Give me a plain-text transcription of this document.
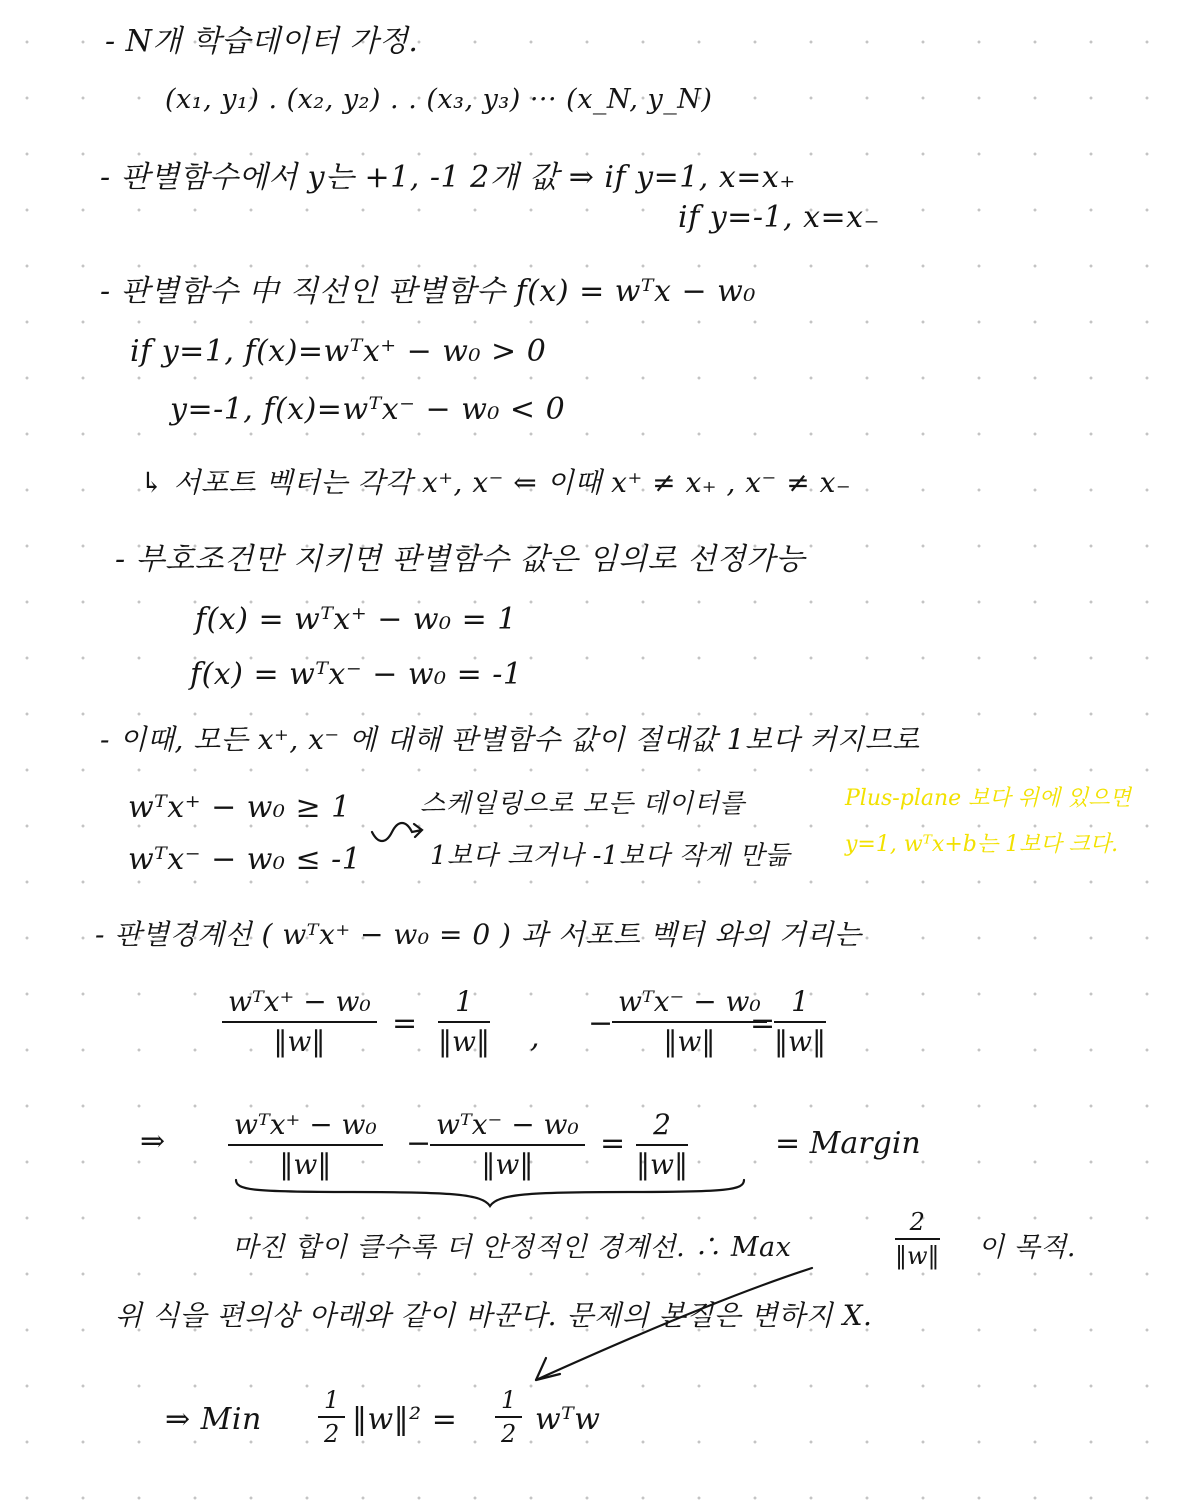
- N개 학습데이터 가정.
(x₁, y₁) . (x₂, y₂) . . (x₃, y₃) ··· (x_N, y_N)
- 판별함수에서 y는 +1, -1 2개 값 ⇒ if y=1, x=x₊
if y=-1, x=x₋
- 판별함수 中 직선인 판별함수 f(x) = wᵀx − w₀
if y=1, f(x)=wᵀx⁺ − w₀ > 0
y=-1, f(x)=wᵀx⁻ − w₀ < 0
↳ 서포트 벡터는 각각 x⁺, x⁻ ⇐ 이때 x⁺ ≠ x₊ , x⁻ ≠ x₋
- 부호조건만 지키면 판별함수 값은 임의로 선정가능
f(x) = wᵀx⁺ − w₀ = 1
f(x) = wᵀx⁻ − w₀ = -1
- 이때, 모든 x⁺, x⁻ 에 대해 판별함수 값이 절대값 1보다 커지므로
wᵀx⁺ − w₀ ≥ 1
wᵀx⁻ − w₀ ≤ -1
스케일링으로 모든 데이터를
1보다 크거나 -1보다 작게 만듦
Plus-plane 보다 위에 있으면
y=1, wᵀx+b는 1보다 크다.
- 판별경계선 ( wᵀx⁺ − w₀ = 0 ) 과 서포트 벡터 와의 거리는
wᵀx⁺ − w₀
‖w‖
=
1
‖w‖ , −
wᵀx⁻ − w₀
‖w‖
=
1
‖w‖
⇒ wᵀx⁺ − w₀
‖w‖
−
wᵀx⁻ − w₀
‖w‖
=
2
‖w‖
= Margin
마진 합이 클수록 더 안정적인 경계선. ∴ Max
2
‖w‖ 이 목적.
위 식을 편의상 아래와 같이 바꾼다. 문제의 본질은 변하지 X.
⇒ Min
1
2 ‖w‖² =
1
2 wᵀw
